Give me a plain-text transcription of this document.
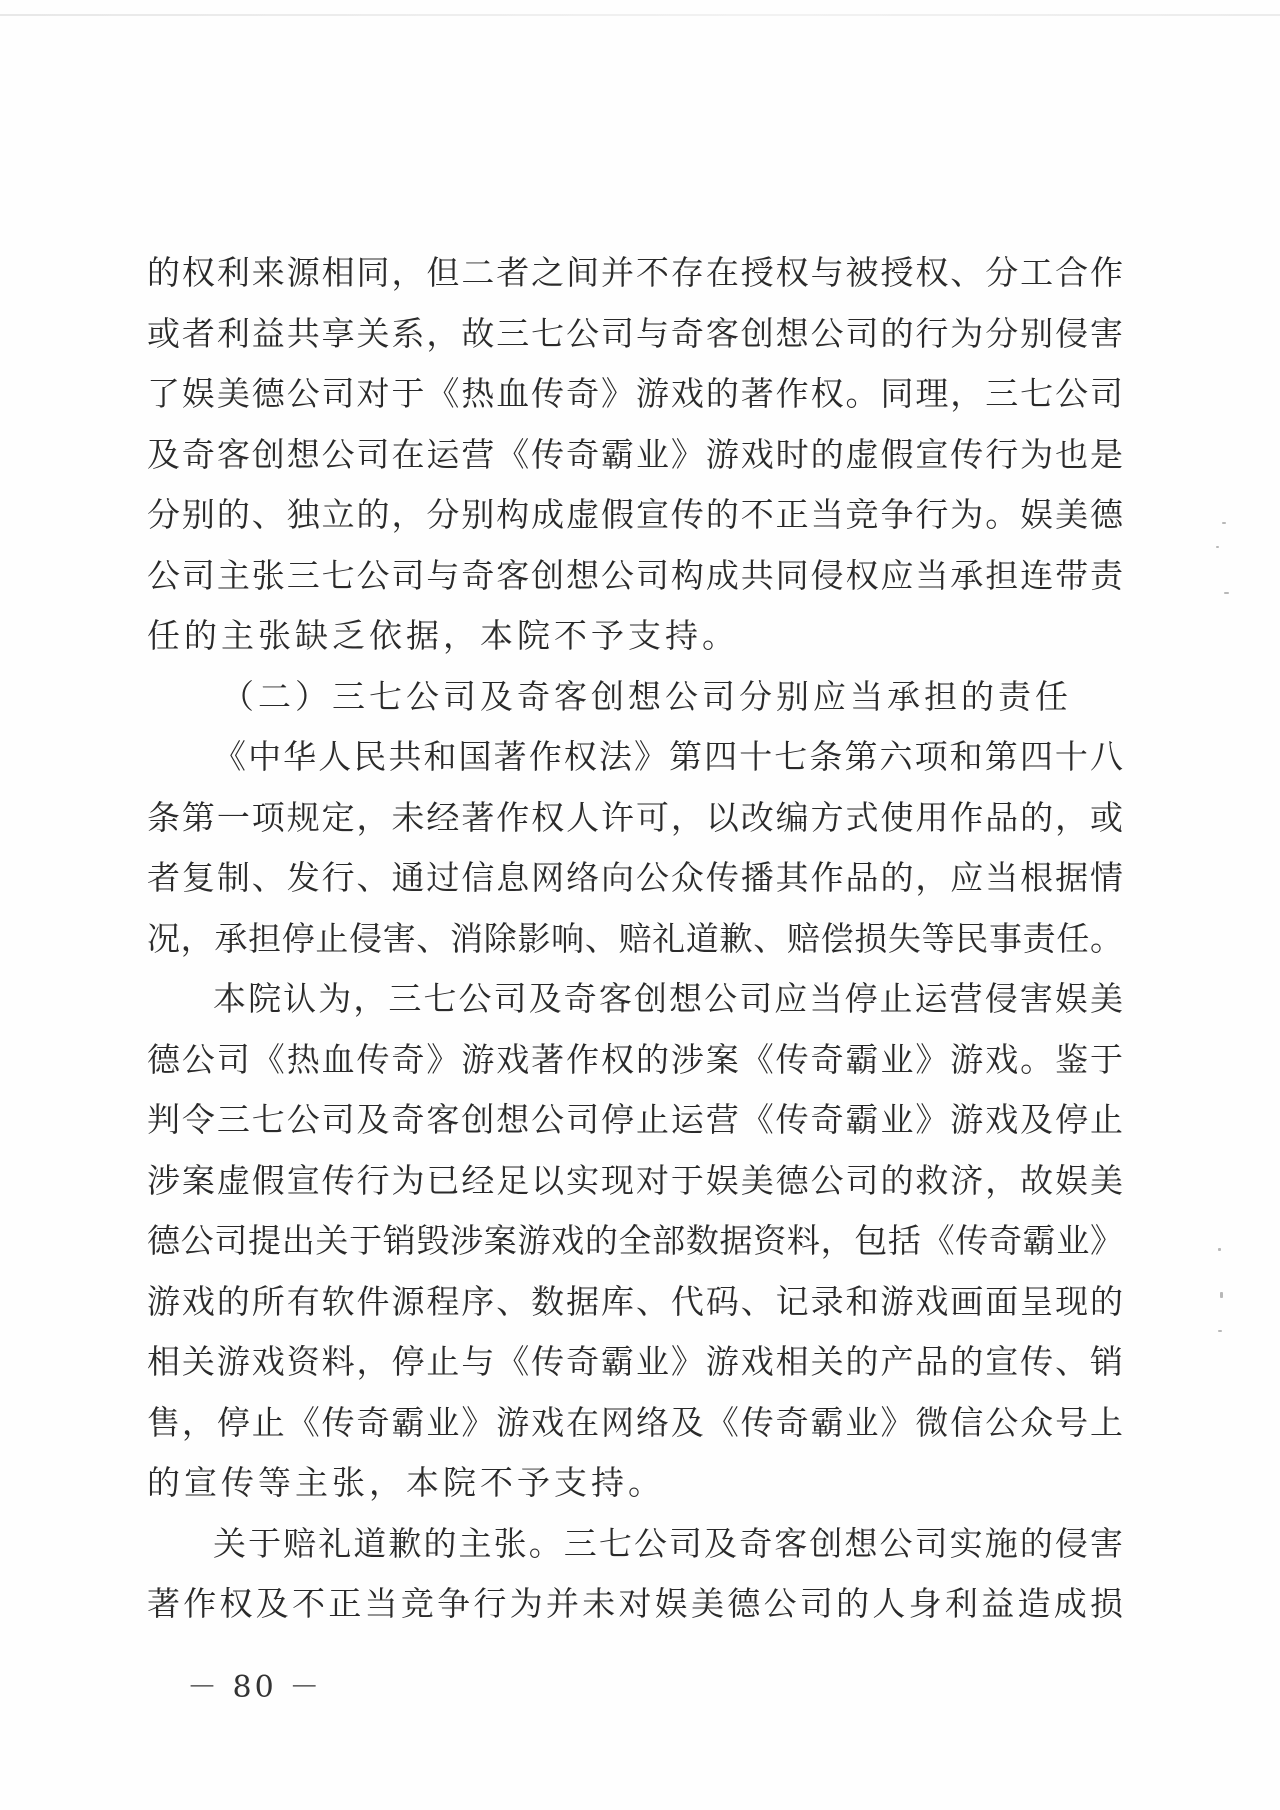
的权利来源相同，但二者之间并不存在授权与被授权、分工合作
或者利益共享关系，故三七公司与奇客创想公司的行为分别侵害
了娱美德公司对于《热血传奇》游戏的著作权。同理，三七公司
及奇客创想公司在运营《传奇霸业》游戏时的虚假宣传行为也是
分别的、独立的，分别构成虚假宣传的不正当竞争行为。娱美德
公司主张三七公司与奇客创想公司构成共同侵权应当承担连带责
任的主张缺乏依据，本院不予支持。
（二）三七公司及奇客创想公司分别应当承担的责任
《中华人民共和国著作权法》第四十七条第六项和第四十八
条第一项规定，未经著作权人许可，以改编方式使用作品的，或
者复制、发行、通过信息网络向公众传播其作品的，应当根据情
况，承担停止侵害、消除影响、赔礼道歉、赔偿损失等民事责任。
本院认为，三七公司及奇客创想公司应当停止运营侵害娱美
德公司《热血传奇》游戏著作权的涉案《传奇霸业》游戏。鉴于
判令三七公司及奇客创想公司停止运营《传奇霸业》游戏及停止
涉案虚假宣传行为已经足以实现对于娱美德公司的救济，故娱美
德公司提出关于销毁涉案游戏的全部数据资料，包括《传奇霸业》
游戏的所有软件源程序、数据库、代码、记录和游戏画面呈现的
相关游戏资料，停止与《传奇霸业》游戏相关的产品的宣传、销
售，停止《传奇霸业》游戏在网络及《传奇霸业》微信公众号上
的宣传等主张，本院不予支持。
关于赔礼道歉的主张。三七公司及奇客创想公司实施的侵害
著作权及不正当竞争行为并未对娱美德公司的人身利益造成损
－ 80 －
